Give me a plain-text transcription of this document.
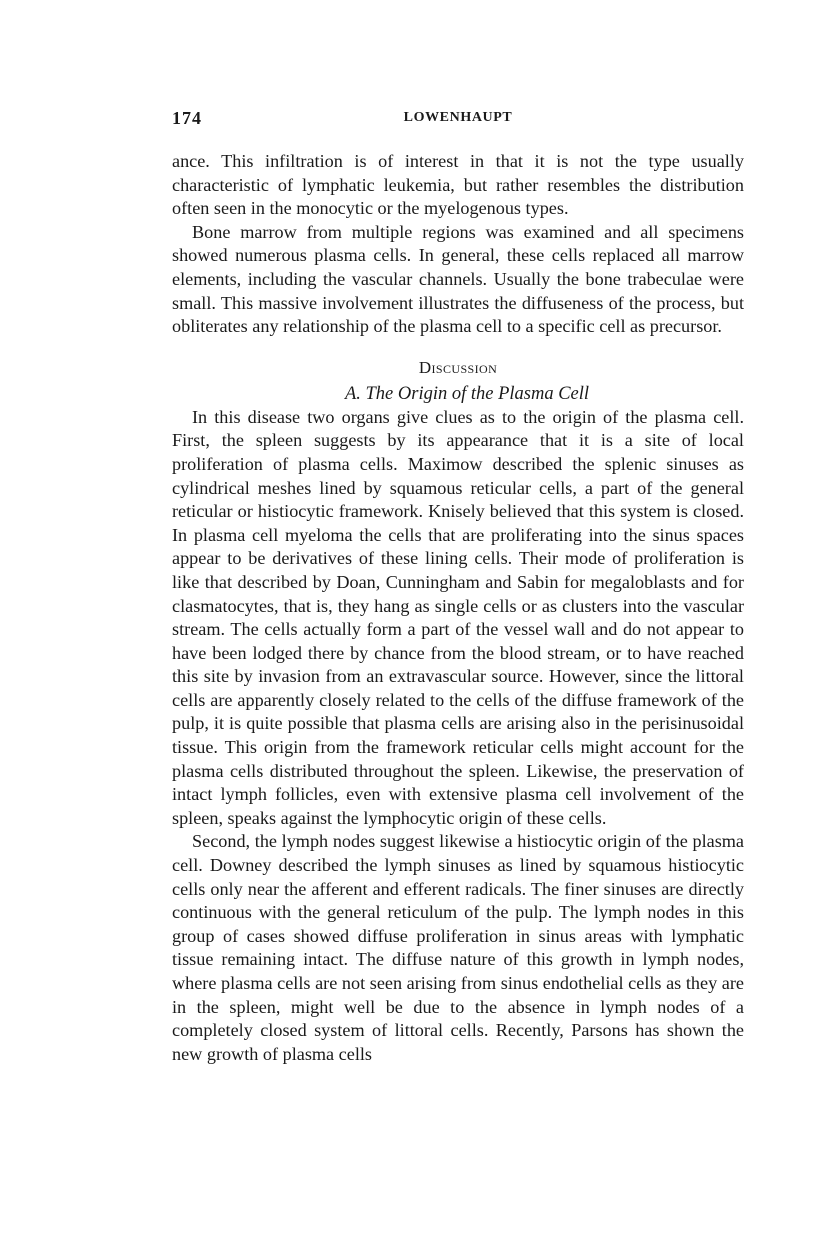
174	LOWENHAUPT

ance. This infiltration is of interest in that it is not the type usually characteristic of lymphatic leukemia, but rather resembles the distribution often seen in the monocytic or the myelogenous types.

Bone marrow from multiple regions was examined and all specimens showed numerous plasma cells. In general, these cells replaced all marrow elements, including the vascular channels. Usually the bone trabeculae were small. This massive involvement illustrates the diffuseness of the process, but obliterates any relationship of the plasma cell to a specific cell as precursor.

Discussion
A. The Origin of the Plasma Cell

In this disease two organs give clues as to the origin of the plasma cell. First, the spleen suggests by its appearance that it is a site of local proliferation of plasma cells. Maximow described the splenic sinuses as cylindrical meshes lined by squamous reticular cells, a part of the general reticular or histiocytic framework. Knisely believed that this system is closed. In plasma cell myeloma the cells that are proliferating into the sinus spaces appear to be derivatives of these lining cells. Their mode of proliferation is like that described by Doan, Cunningham and Sabin for megaloblasts and for clasmatocytes, that is, they hang as single cells or as clusters into the vascular stream. The cells actually form a part of the vessel wall and do not appear to have been lodged there by chance from the blood stream, or to have reached this site by invasion from an extravascular source. However, since the littoral cells are apparently closely related to the cells of the diffuse framework of the pulp, it is quite possible that plasma cells are arising also in the perisinusoidal tissue. This origin from the framework reticular cells might account for the plasma cells distributed throughout the spleen. Likewise, the preservation of intact lymph follicles, even with extensive plasma cell involvement of the spleen, speaks against the lymphocytic origin of these cells.

Second, the lymph nodes suggest likewise a histiocytic origin of the plasma cell. Downey described the lymph sinuses as lined by squamous histiocytic cells only near the afferent and efferent radicals. The finer sinuses are directly continuous with the general reticulum of the pulp. The lymph nodes in this group of cases showed diffuse proliferation in sinus areas with lymphatic tissue remaining intact. The diffuse nature of this growth in lymph nodes, where plasma cells are not seen arising from sinus endothelial cells as they are in the spleen, might well be due to the absence in lymph nodes of a completely closed system of littoral cells. Recently, Parsons has shown the new growth of plasma cells
